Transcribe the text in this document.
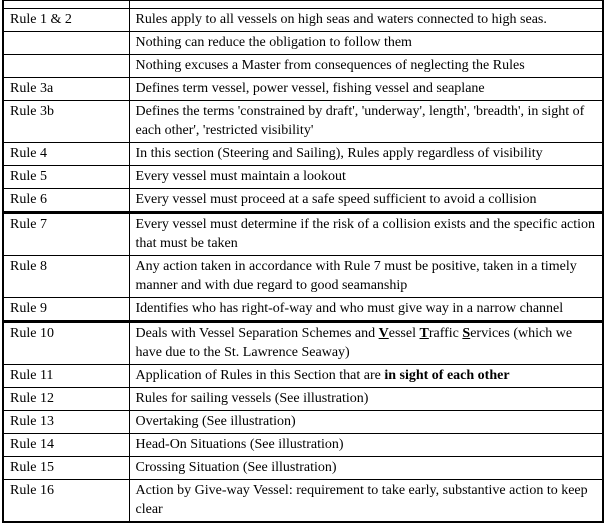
Rule 1 & 2	Rules apply to all vessels on high seas and waters connected to high seas.
	Nothing can reduce the obligation to follow them
	Nothing excuses a Master from consequences of neglecting the Rules
Rule 3a	Defines term vessel, power vessel, fishing vessel and seaplane
Rule 3b	Defines the terms 'constrained by draft', 'underway', length', 'breadth', in sight of each other', 'restricted visibility'
Rule 4	In this section (Steering and Sailing), Rules apply regardless of visibility
Rule 5	Every vessel must maintain a lookout
Rule 6	Every vessel must proceed at a safe speed sufficient to avoid a collision
Rule 7	Every vessel must determine if the risk of a collision exists and the specific action that must be taken
Rule 8	Any action taken in accordance with Rule 7 must be positive, taken in a timely manner and with due regard to good seamanship
Rule 9	Identifies who has right-of-way and who must give way in a narrow channel
Rule 10	Deals with Vessel Separation Schemes and Vessel Traffic Services (which we have due to the St. Lawrence Seaway)
Rule 11	Application of Rules in this Section that are in sight of each other
Rule 12	Rules for sailing vessels (See illustration)
Rule 13	Overtaking (See illustration)
Rule 14	Head-On Situations (See illustration)
Rule 15	Crossing Situation (See illustration)
Rule 16	Action by Give-way Vessel: requirement to take early, substantive action to keep clear
